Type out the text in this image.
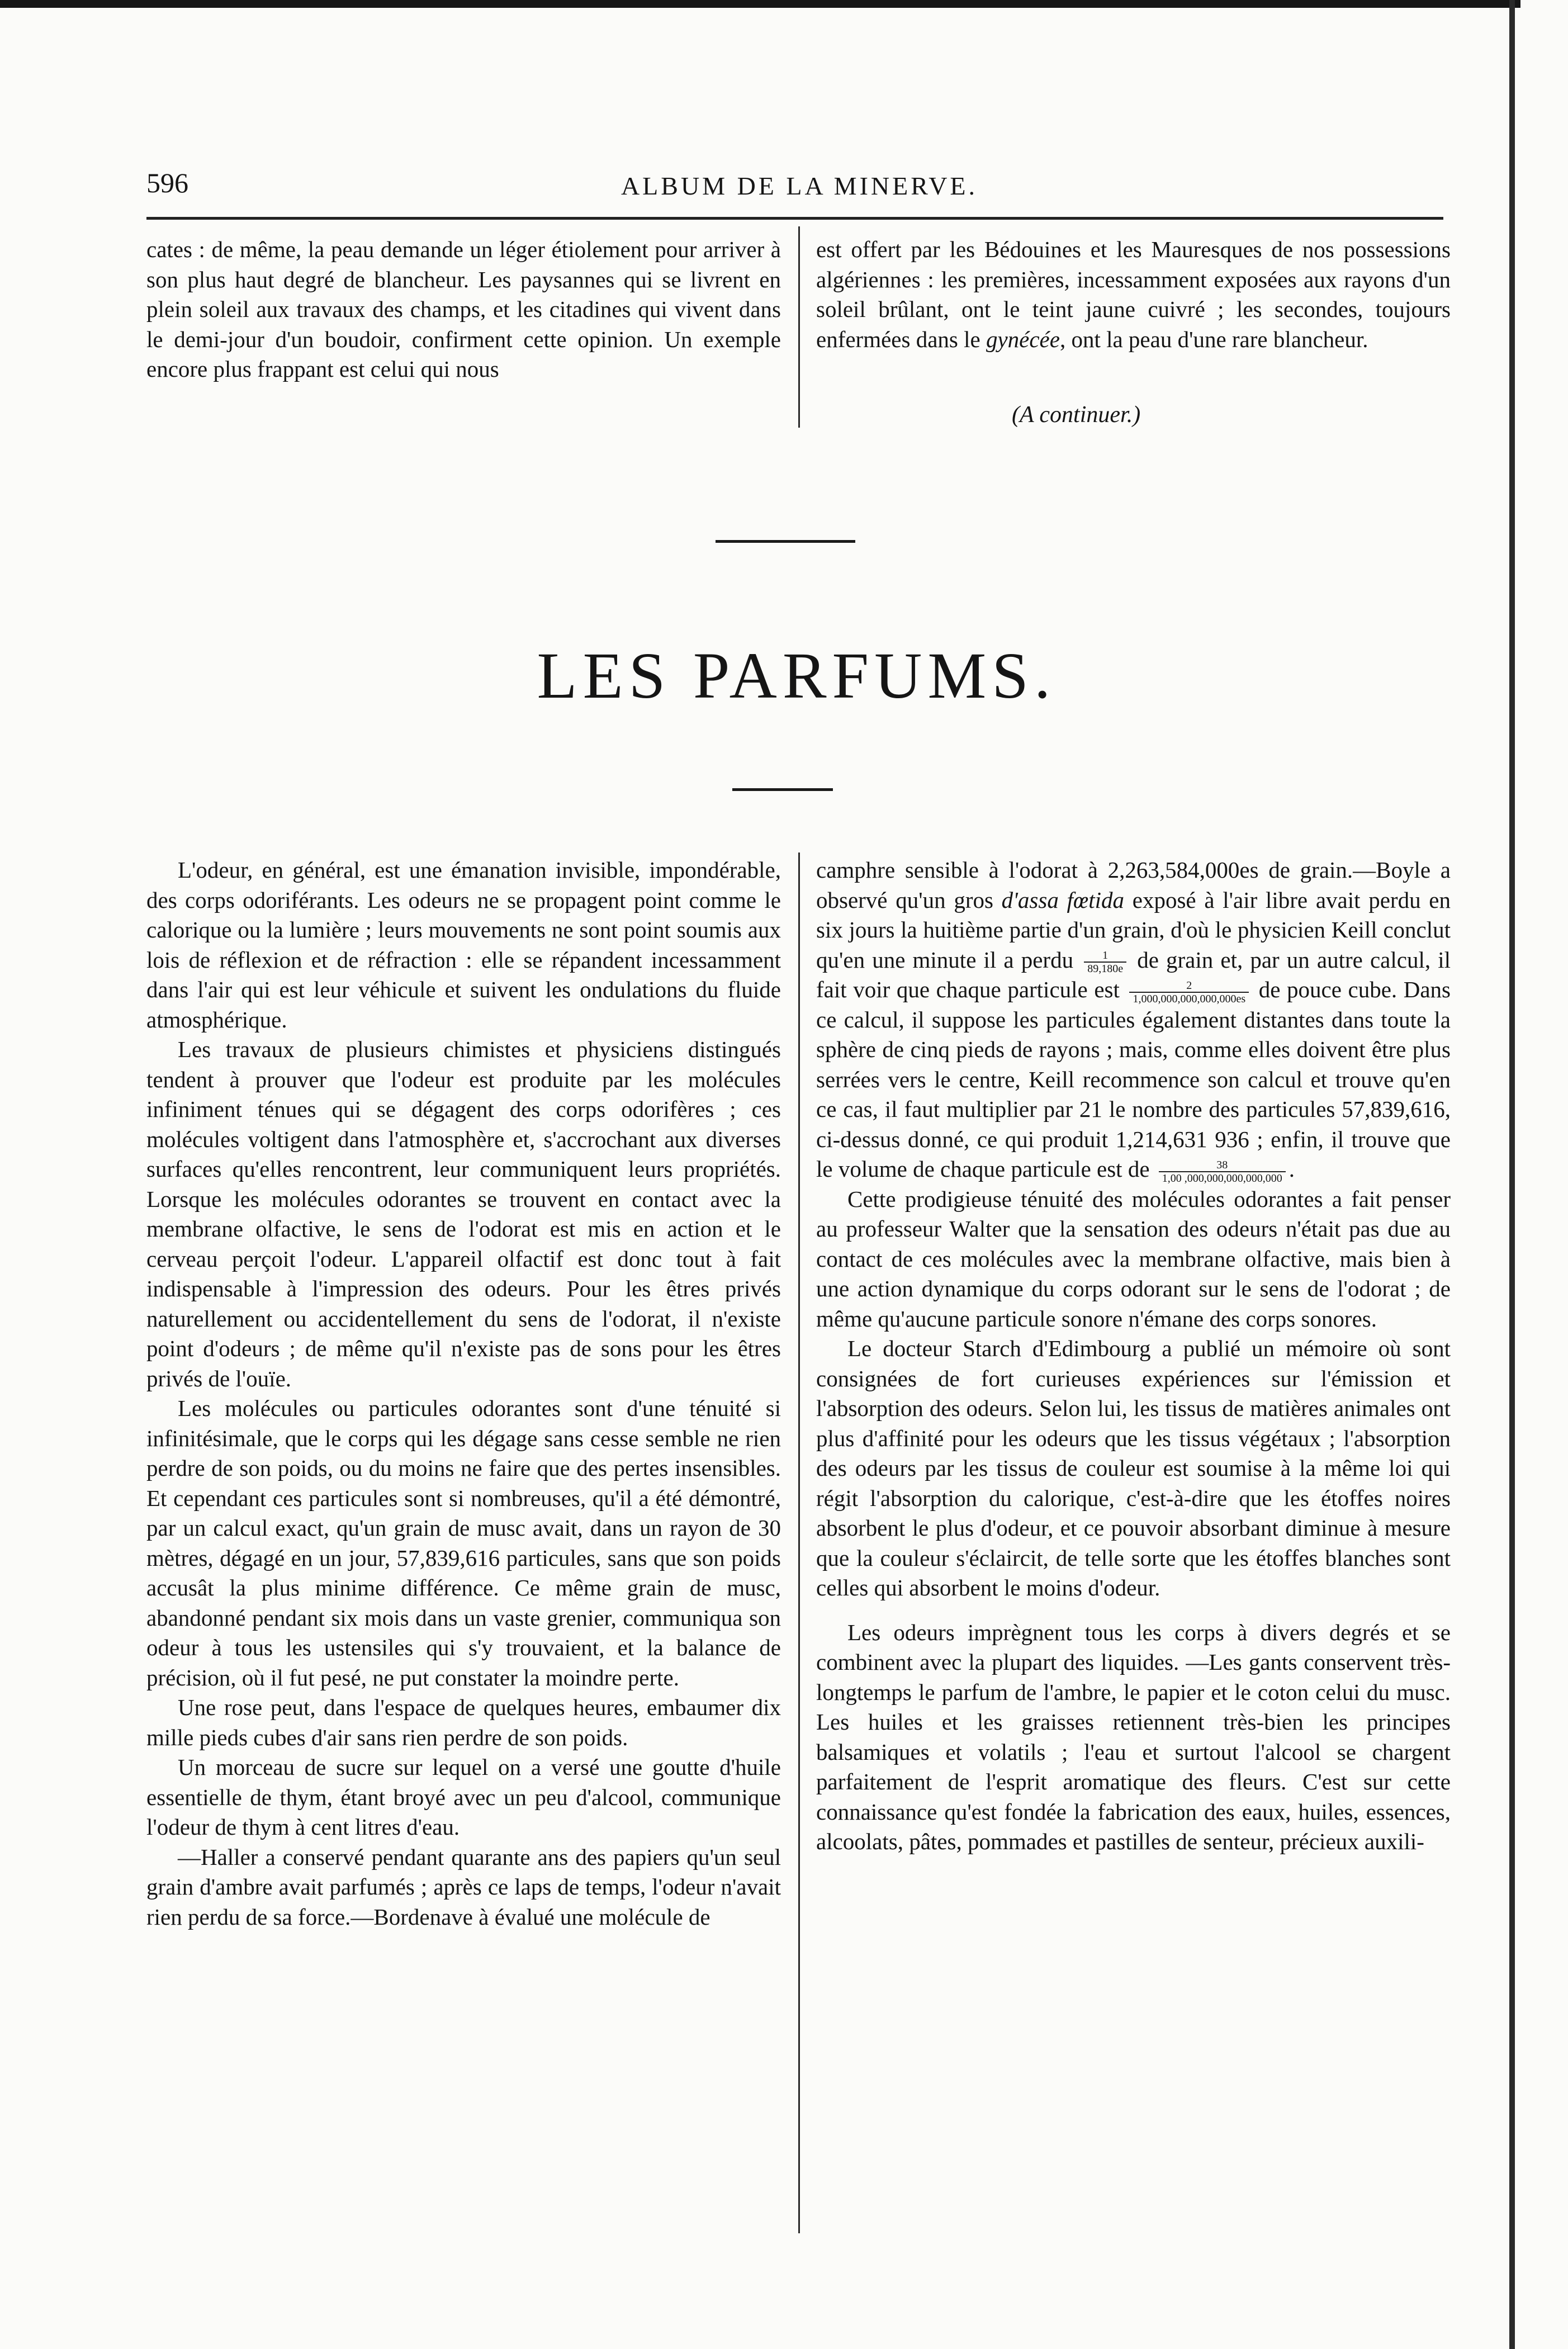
596	ALBUM DE LA MINERVE.

cates : de même, la peau demande un léger étiolement pour arriver à son plus haut degré de blancheur. Les paysannes qui se livrent en plein soleil aux travaux des champs, et les citadines qui vivent dans le demi-jour d'un boudoir, confirment cette opinion. Un exemple encore plus frappant est celui qui nous

est offert par les Bédouines et les Mauresques de nos possessions algériennes : les premières, incessamment exposées aux rayons d'un soleil brûlant, ont le teint jaune cuivré ; les secondes, toujours enfermées dans le gynécée, ont la peau d'une rare blancheur.

(A continuer.)

LES PARFUMS.

L'odeur, en général, est une émanation invisible, impondérable, des corps odoriférants. Les odeurs ne se propagent point comme le calorique ou la lumière ; leurs mouvements ne sont point soumis aux lois de réflexion et de réfraction : elle se répandent incessamment dans l'air qui est leur véhicule et suivent les ondulations du fluide atmosphérique.

Les travaux de plusieurs chimistes et physiciens distingués tendent à prouver que l'odeur est produite par les molécules infiniment ténues qui se dégagent des corps odorifères ; ces molécules voltigent dans l'atmosphère et, s'accrochant aux diverses surfaces qu'elles rencontrent, leur communiquent leurs propriétés. Lorsque les molécules odorantes se trouvent en contact avec la membrane olfactive, le sens de l'odorat est mis en action et le cerveau perçoit l'odeur. L'appareil olfactif est donc tout à fait indispensable à l'impression des odeurs. Pour les êtres privés naturellement ou accidentellement du sens de l'odorat, il n'existe point d'odeurs ; de même qu'il n'existe pas de sons pour les êtres privés de l'ouïe.

Les molécules ou particules odorantes sont d'une ténuité si infinitésimale, que le corps qui les dégage sans cesse semble ne rien perdre de son poids, ou du moins ne faire que des pertes insensibles. Et cependant ces particules sont si nombreuses, qu'il a été démontré, par un calcul exact, qu'un grain de musc avait, dans un rayon de 30 mètres, dégagé en un jour, 57,839,616 particules, sans que son poids accusât la plus minime différence. Ce même grain de musc, abandonné pendant six mois dans un vaste grenier, communiqua son odeur à tous les ustensiles qui s'y trouvaient, et la balance de précision, où il fut pesé, ne put constater la moindre perte.

Une rose peut, dans l'espace de quelques heures, embaumer dix mille pieds cubes d'air sans rien perdre de son poids.

Un morceau de sucre sur lequel on a versé une goutte d'huile essentielle de thym, étant broyé avec un peu d'alcool, communique l'odeur de thym à cent litres d'eau.

—Haller a conservé pendant quarante ans des papiers qu'un seul grain d'ambre avait parfumés ; après ce laps de temps, l'odeur n'avait rien perdu de sa force.—Bordenave à évalué une molécule de

camphre sensible à l'odorat à 2,263,584,000es de grain.—Boyle a observé qu'un gros d'assa fœtida exposé à l'air libre avait perdu en six jours la huitième partie d'un grain, d'où le physicien Keill conclut qu'en une minute il a perdu $\frac{1}{89,180e}$ de grain et, par un autre calcul, il fait voir que chaque particule est $\frac{2}{1,000,000,000,000,000es}$ de pouce cube. Dans ce calcul, il suppose les particules également distantes dans toute la sphère de cinq pieds de rayons ; mais, comme elles doivent être plus serrées vers le centre, Keill recommence son calcul et trouve qu'en ce cas, il faut multiplier par 21 le nombre des particules 57,839,616, ci-dessus donné, ce qui produit 1,214,631 936 ; enfin, il trouve que le volume de chaque particule est de $\frac{38}{1,00 ,000,000,000,000,000}$ .

Cette prodigieuse ténuité des molécules odorantes a fait penser au professeur Walter que la sensation des odeurs n'était pas due au contact de ces molécules avec la membrane olfactive, mais bien à une action dynamique du corps odorant sur le sens de l'odorat ; de même qu'aucune particule sonore n'émane des corps sonores.

Le docteur Starch d'Edimbourg a publié un mémoire où sont consignées de fort curieuses expériences sur l'émission et l'absorption des odeurs. Selon lui, les tissus de matières animales ont plus d'affinité pour les odeurs que les tissus végétaux ; l'absorption des odeurs par les tissus de couleur est soumise à la même loi qui régit l'absorption du calorique, c'est-à-dire que les étoffes noires absorbent le plus d'odeur, et ce pouvoir absorbant diminue à mesure que la couleur s'éclaircit, de telle sorte que les étoffes blanches sont celles qui absorbent le moins d'odeur.

Les odeurs imprègnent tous les corps à divers degrés et se combinent avec la plupart des liquides. —Les gants conservent très-longtemps le parfum de l'ambre, le papier et le coton celui du musc. Les huiles et les graisses retiennent très-bien les principes balsamiques et volatils ; l'eau et surtout l'alcool se chargent parfaitement de l'esprit aromatique des fleurs. C'est sur cette connaissance qu'est fondée la fabrication des eaux, huiles, essences, alcoolats, pâtes, pommades et pastilles de senteur, précieux auxili-
